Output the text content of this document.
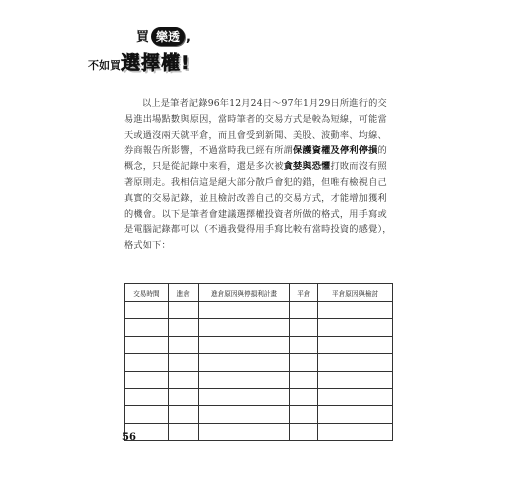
買 樂透 ,
不如買選擇權!

以上是筆者記錄96年12月24日～97年1月29日所進行的交易進出場點數與原因，當時筆者的交易方式是較為短線，可能當天或過沒兩天就平倉，而且會受到新聞、美股、波動率、均線、券商報告所影響，不過當時我已經有所謂保護資權及停利停損的概念，只是從記錄中來看，還是多次被貪婪與恐懼打敗而沒有照著原則走。我相信這是絕大部分散戶會犯的錯，但唯有檢視自己真實的交易記錄，並且檢討改善自己的交易方式，才能增加獲利的機會。以下是筆者會建議選擇權投資者所做的格式，用手寫或是電腦記錄都可以（不過我覺得用手寫比較有當時投資的感覺），格式如下：

交易時間	進倉	進倉原因與停損利計畫	平倉	平倉原因與檢討

56
